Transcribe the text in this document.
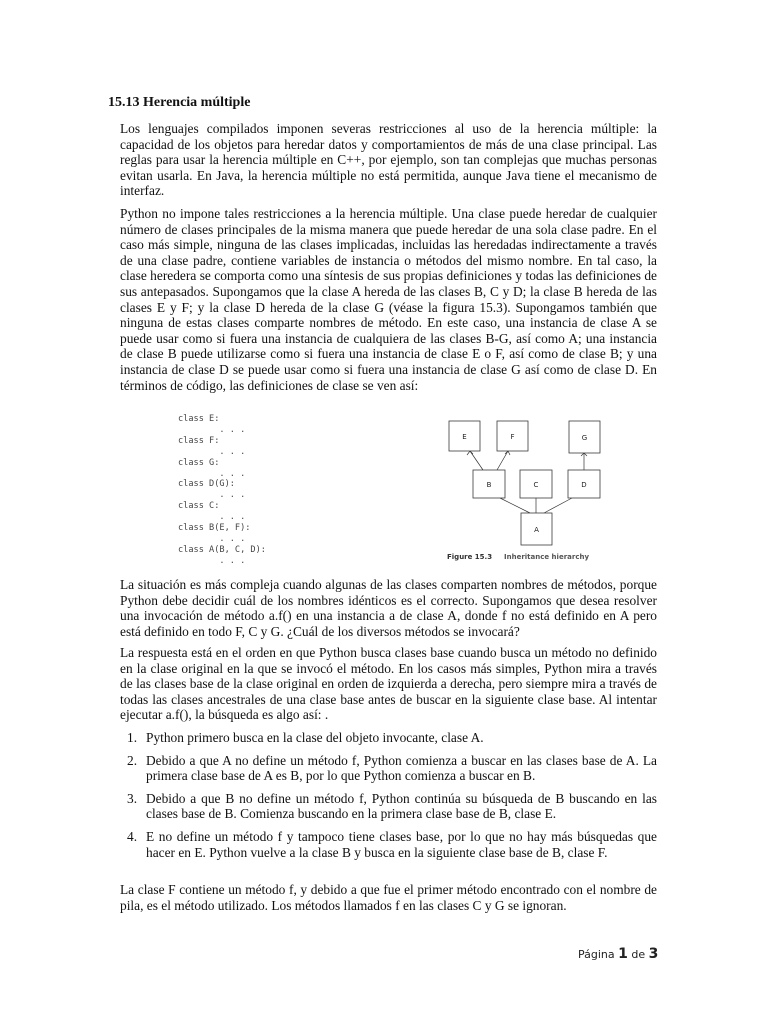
15.13 Herencia múltiple

Los lenguajes compilados imponen severas restricciones al uso de la herencia múltiple: la capacidad de los objetos para heredar datos y comportamientos de más de una clase principal. Las reglas para usar la herencia múltiple en C++, por ejemplo, son tan complejas que muchas personas evitan usarla. En Java, la herencia múltiple no está permitida, aunque Java tiene el mecanismo de interfaz.

Python no impone tales restricciones a la herencia múltiple. Una clase puede heredar de cualquier número de clases principales de la misma manera que puede heredar de una sola clase padre. En el caso más simple, ninguna de las clases implicadas, incluidas las heredadas indirectamente a través de una clase padre, contiene variables de instancia o métodos del mismo nombre. En tal caso, la clase heredera se comporta como una síntesis de sus propias definiciones y todas las definiciones de sus antepasados. Supongamos que la clase A hereda de las clases B, C y D; la clase B hereda de las clases E y F; y la clase D hereda de la clase G (véase la figura 15.3). Supongamos también que ninguna de estas clases comparte nombres de método. En este caso, una instancia de clase A se puede usar como si fuera una instancia de cualquiera de las clases B-G, así como A; una instancia de clase B puede utilizarse como si fuera una instancia de clase E o F, así como de clase B; y una instancia de clase D se puede usar como si fuera una instancia de clase G así como de clase D. En términos de código, las definiciones de clase se ven así:

class E:
. . .
class F:
. . .
class G:
. . .
class D(G):
. . .
class C:
. . .
class B(E, F):
. . .
class A(B, C, D):
. . .
E	F	G
B	C	D
A
Figure 15.3 Inheritance hierarchy

La situación es más compleja cuando algunas de las clases comparten nombres de métodos, porque Python debe decidir cuál de los nombres idénticos es el correcto. Supongamos que desea resolver una invocación de método a.f() en una instancia a de clase A, donde f no está definido en A pero está definido en todo F, C y G. ¿Cuál de los diversos métodos se invocará?

La respuesta está en el orden en que Python busca clases base cuando busca un método no definido en la clase original en la que se invocó el método. En los casos más simples, Python mira a través de las clases base de la clase original en orden de izquierda a derecha, pero siempre mira a través de todas las clases ancestrales de una clase base antes de buscar en la siguiente clase base. Al intentar ejecutar a.f(), la búsqueda es algo así: .

1. Python primero busca en la clase del objeto invocante, clase A.
2. Debido a que A no define un método f, Python comienza a buscar en las clases base de A. La primera clase base de A es B, por lo que Python comienza a buscar en B.
3. Debido a que B no define un método f, Python continúa su búsqueda de B buscando en las clases base de B. Comienza buscando en la primera clase base de B, clase E.
4. E no define un método f y tampoco tiene clases base, por lo que no hay más búsquedas que hacer en E. Python vuelve a la clase B y busca en la siguiente clase base de B, clase F.

La clase F contiene un método f, y debido a que fue el primer método encontrado con el nombre de pila, es el método utilizado. Los métodos llamados f en las clases C y G se ignoran.

Página 1 de 3
